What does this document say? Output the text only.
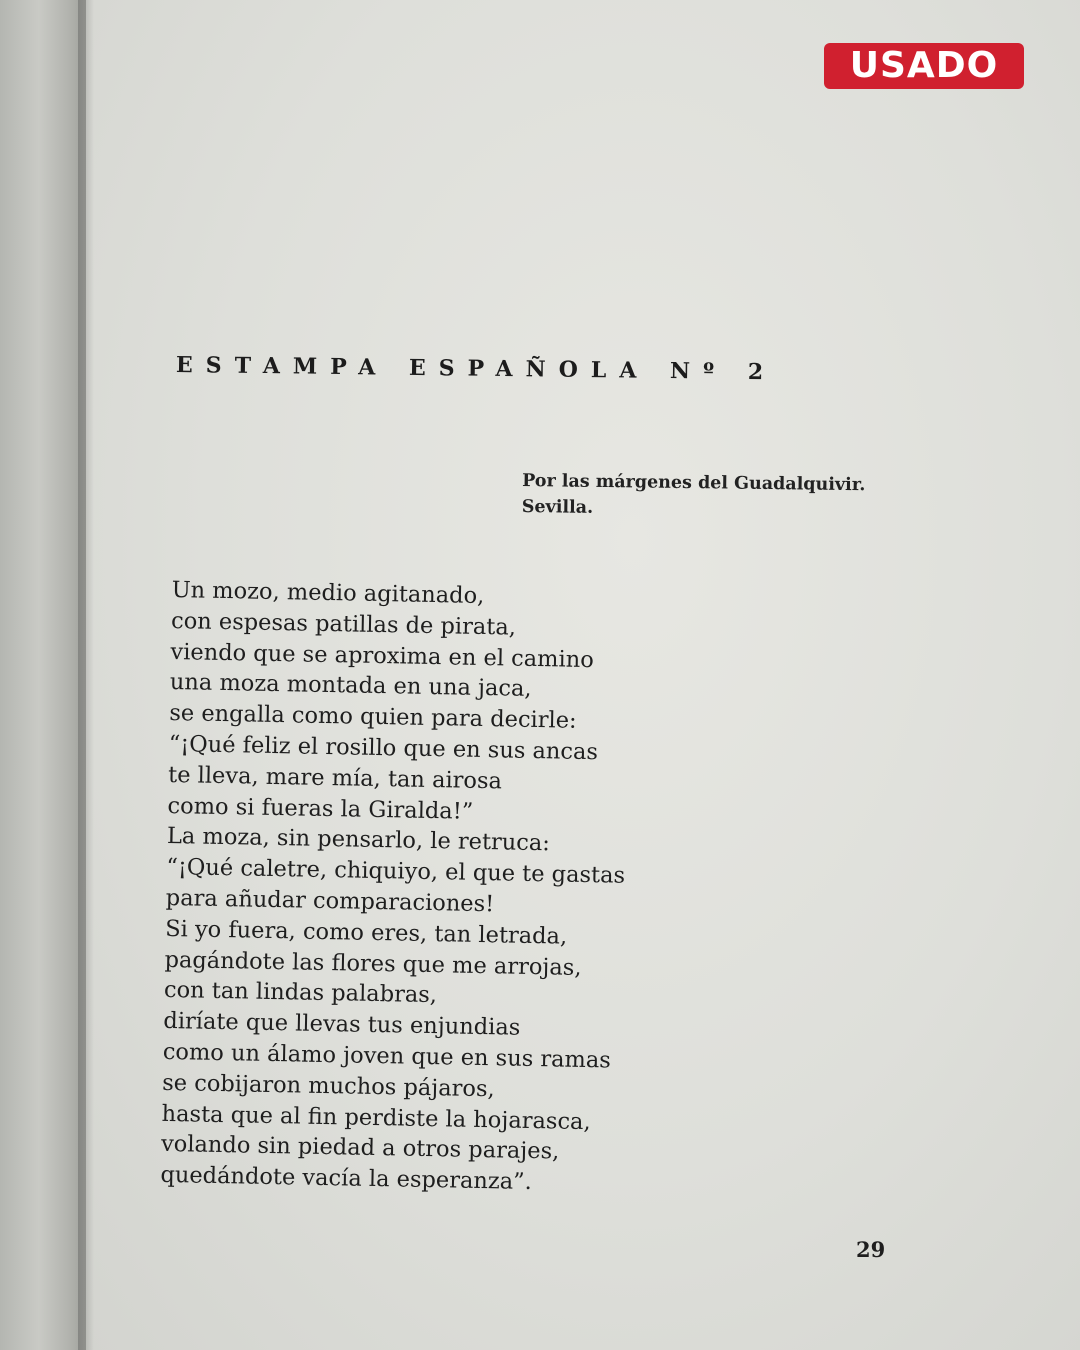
USADO
ESTAMPA ESPAÑOLA Nº 2
Por las márgenes del Guadalquivir.
Sevilla.
Un mozo, medio agitanado,
con espesas patillas de pirata,
viendo que se aproxima en el camino
una moza montada en una jaca,
se engalla como quien para decirle:
“¡Qué feliz el rosillo que en sus ancas
te lleva, mare mía, tan airosa
como si fueras la Giralda!”
La moza, sin pensarlo, le retruca:
“¡Qué caletre, chiquiyo, el que te gastas
para añudar comparaciones!
Si yo fuera, como eres, tan letrada,
pagándote las flores que me arrojas,
con tan lindas palabras,
diríate que llevas tus enjundias
como un álamo joven que en sus ramas
se cobijaron muchos pájaros,
hasta que al fin perdiste la hojarasca,
volando sin piedad a otros parajes,
quedándote vacía la esperanza”.
29
